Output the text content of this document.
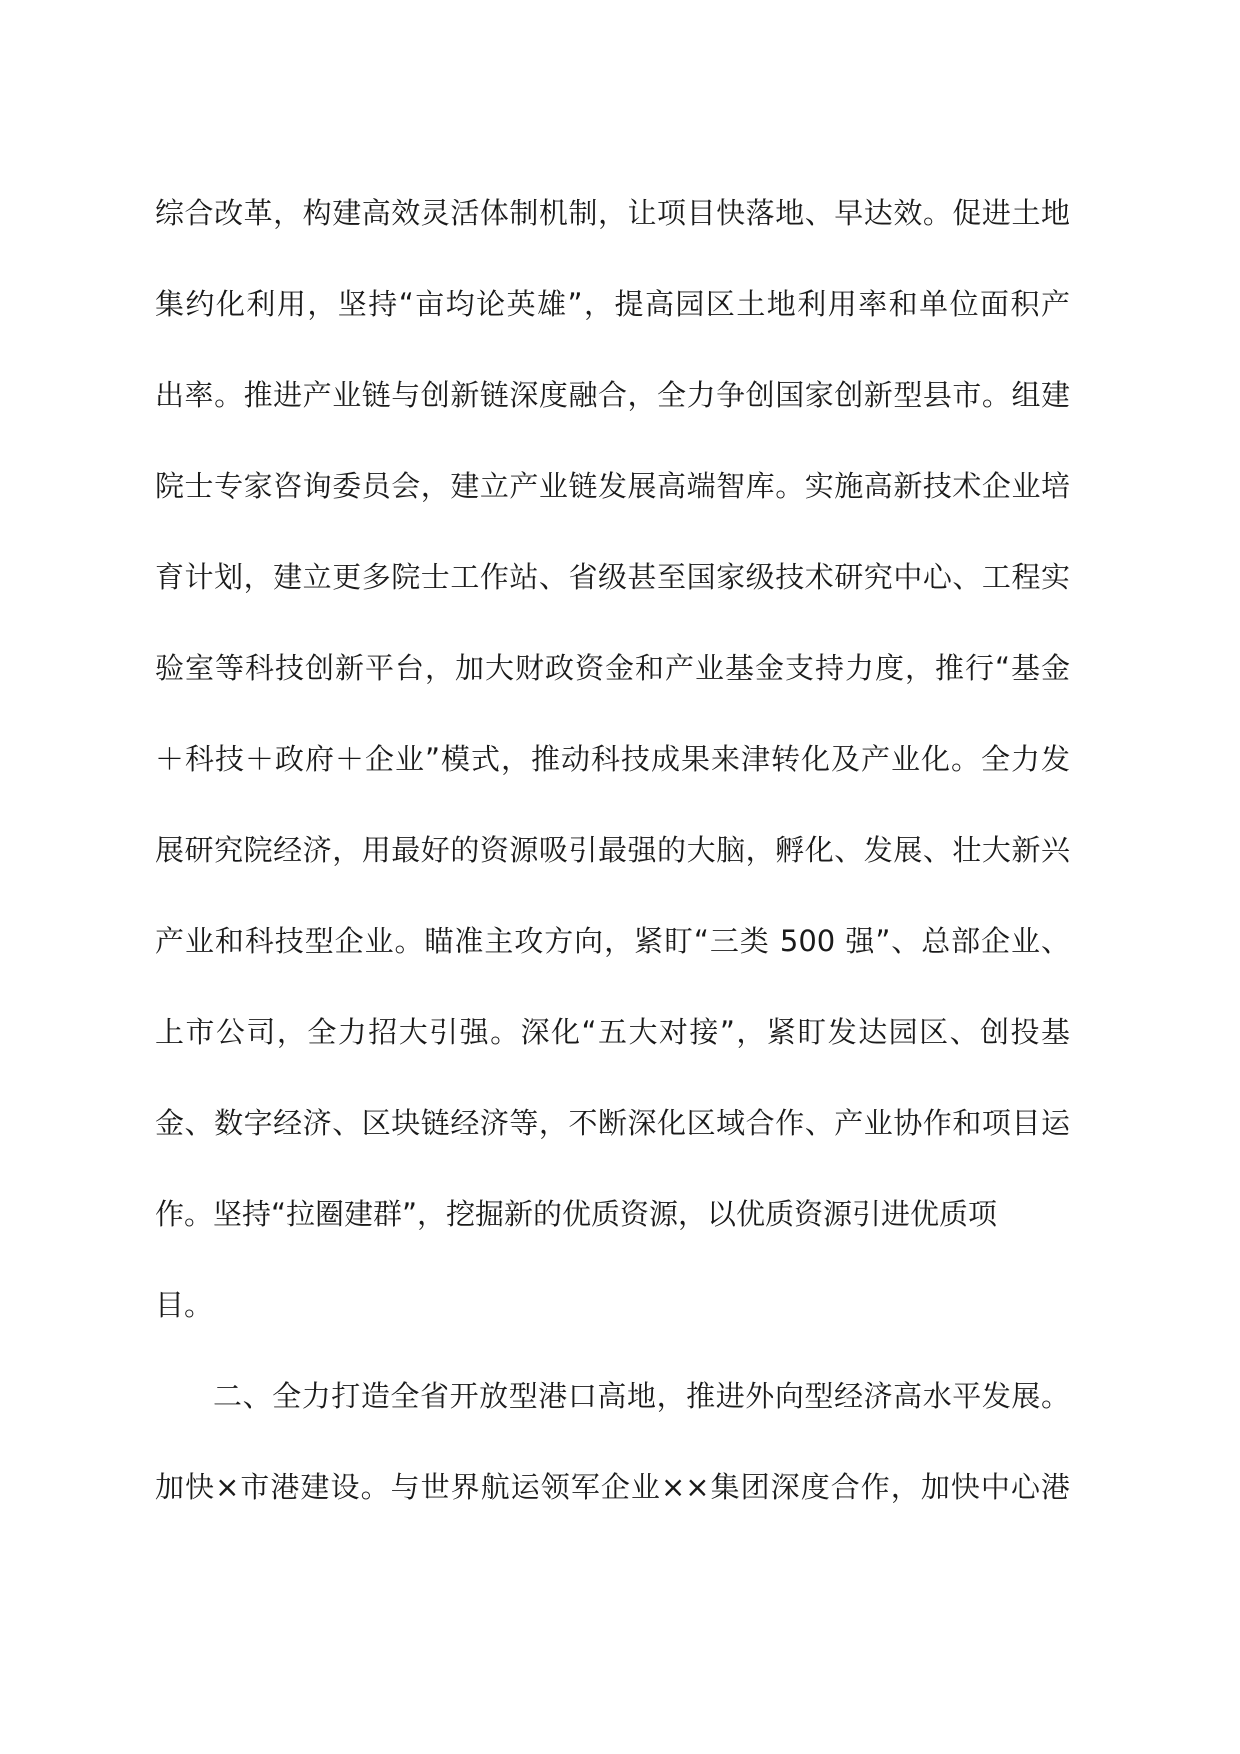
综合改革，构建高效灵活体制机制，让项目快落地、早达效。促进土地
集约化利用，坚持“亩均论英雄”，提高园区土地利用率和单位面积产
出率。推进产业链与创新链深度融合，全力争创国家创新型县市。组建
院士专家咨询委员会，建立产业链发展高端智库。实施高新技术企业培
育计划，建立更多院士工作站、省级甚至国家级技术研究中心、工程实
验室等科技创新平台，加大财政资金和产业基金支持力度，推行“基金
＋科技＋政府＋企业”模式，推动科技成果来津转化及产业化。全力发
展研究院经济，用最好的资源吸引最强的大脑，孵化、发展、壮大新兴
产业和科技型企业。瞄准主攻方向，紧盯“三类 500 强”、总部企业、
上市公司，全力招大引强。深化“五大对接”，紧盯发达园区、创投基
金、数字经济、区块链经济等，不断深化区域合作、产业协作和项目运
作。坚持“拉圈建群”，挖掘新的优质资源，以优质资源引进优质项
目。
二、全力打造全省开放型港口高地，推进外向型经济高水平发展。
加快×市港建设。与世界航运领军企业××集团深度合作，加快中心港
